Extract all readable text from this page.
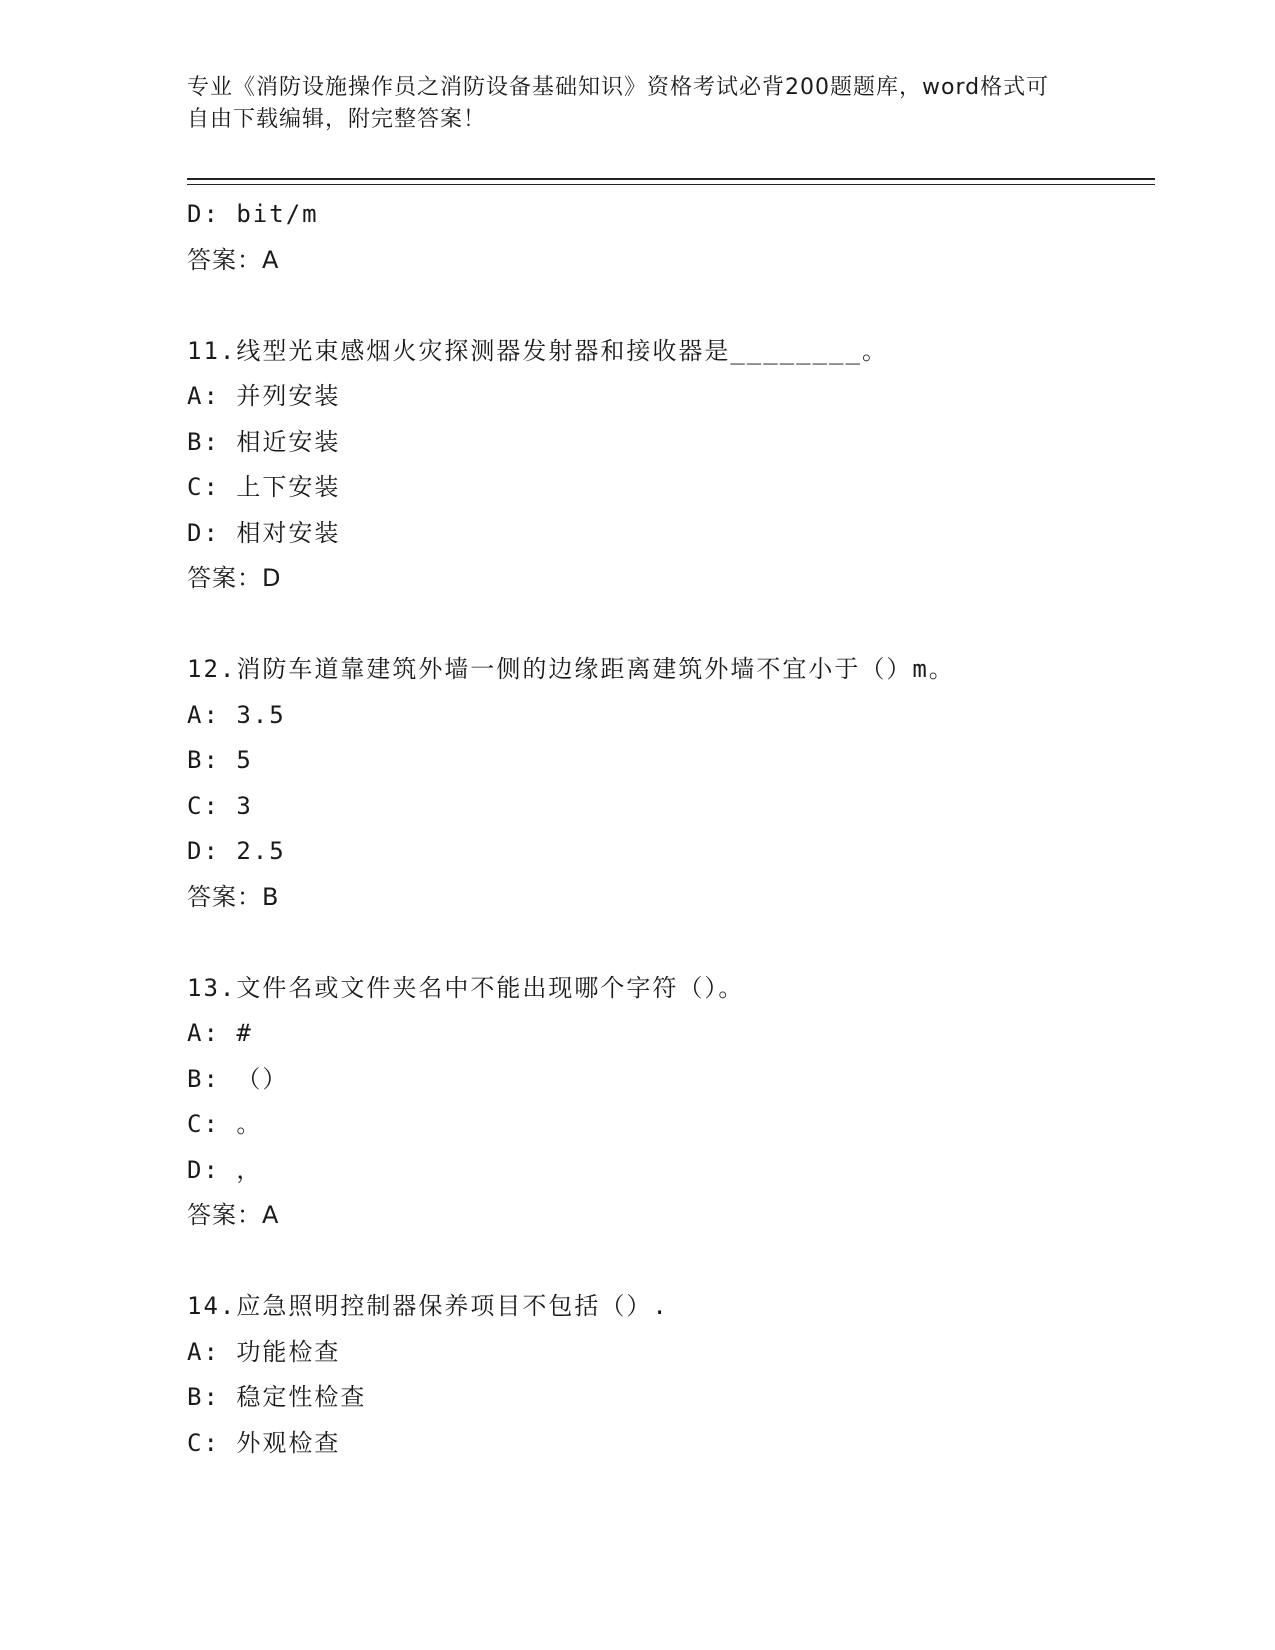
专业《消防设施操作员之消防设备基础知识》资格考试必背200题题库，word格式可自由下载编辑，附完整答案！
D: bit/m
答案：A
11.线型光束感烟火灾探测器发射器和接收器是________。
A: 并列安装
B: 相近安装
C: 上下安装
D: 相对安装
答案：D
12.消防车道靠建筑外墙一侧的边缘距离建筑外墙不宜小于（）m。
A: 3.5
B: 5
C: 3
D: 2.5
答案：B
13.文件名或文件夹名中不能出现哪个字符（）。
A: #
B: （）
C: 。
D: ，
答案：A
14.应急照明控制器保养项目不包括（）.
A: 功能检查
B: 稳定性检查
C: 外观检查
